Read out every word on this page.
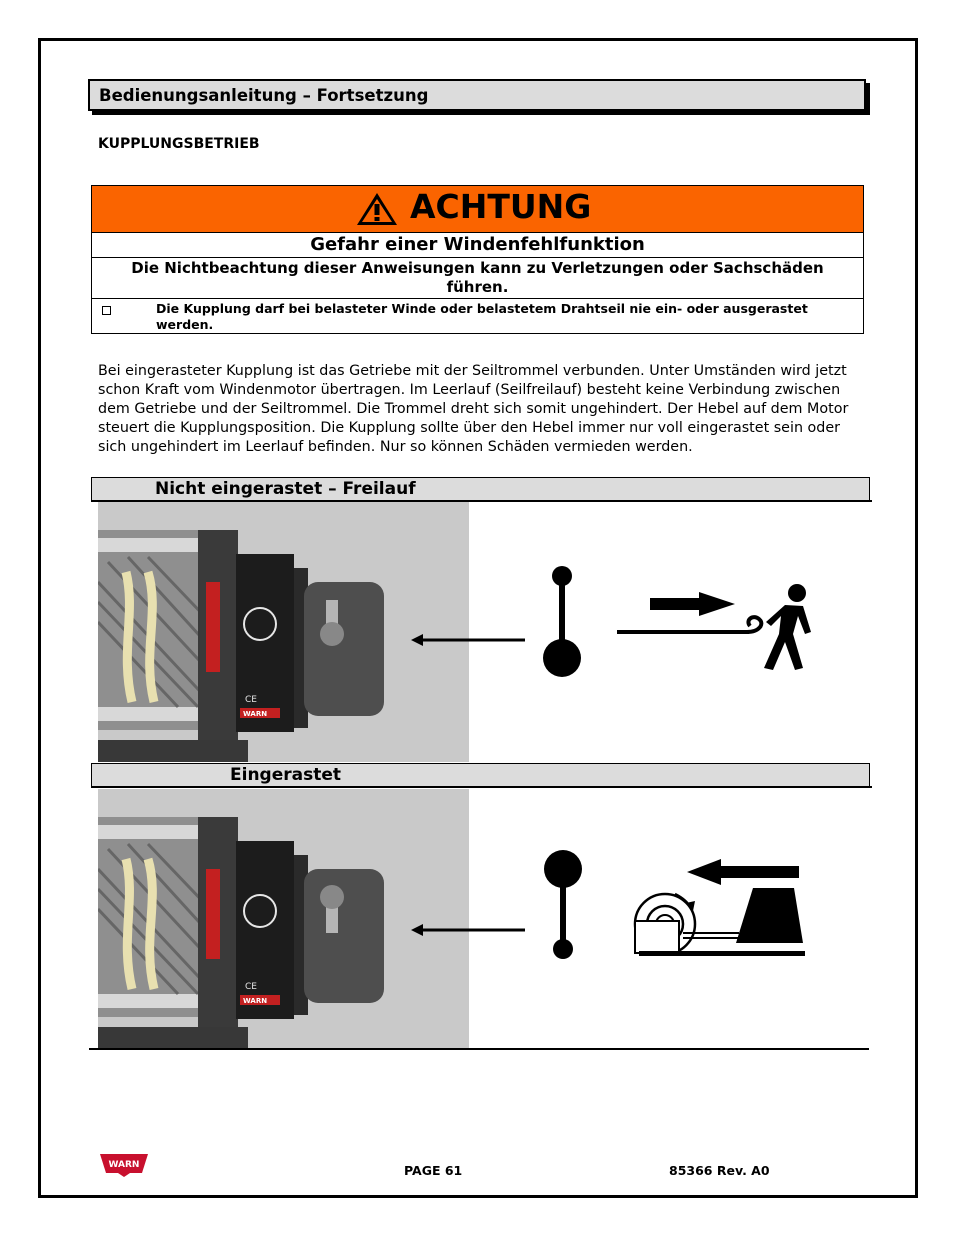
Bedienungsanleitung – Fortsetzung
KUPPLUNGSBETRIEB
ACHTUNG
Gefahr einer Windenfehlfunktion
Die Nichtbeachtung dieser Anweisungen kann zu Verletzungen oder Sachschäden führen.
Die Kupplung darf bei belasteter Winde oder belastetem Drahtseil nie ein- oder ausgerastet werden.
Bei eingerasteter Kupplung ist das Getriebe mit der Seiltrommel verbunden. Unter Umständen wird jetzt schon Kraft vom Windenmotor übertragen. Im Leerlauf (Seilfreilauf) besteht keine Verbindung zwischen dem Getriebe und der Seiltrommel. Die Trommel dreht sich somit ungehindert. Der Hebel auf dem Motor steuert die Kupplungsposition. Die Kupplung sollte über den Hebel immer nur voll eingerastet sein oder sich ungehindert im Leerlauf befinden. Nur so können Schäden vermieden werden.
Nicht eingerastet – Freilauf
CE
WARN
Eingerastet
CE
WARN
WARN	PAGE 61	85366 Rev. A0
